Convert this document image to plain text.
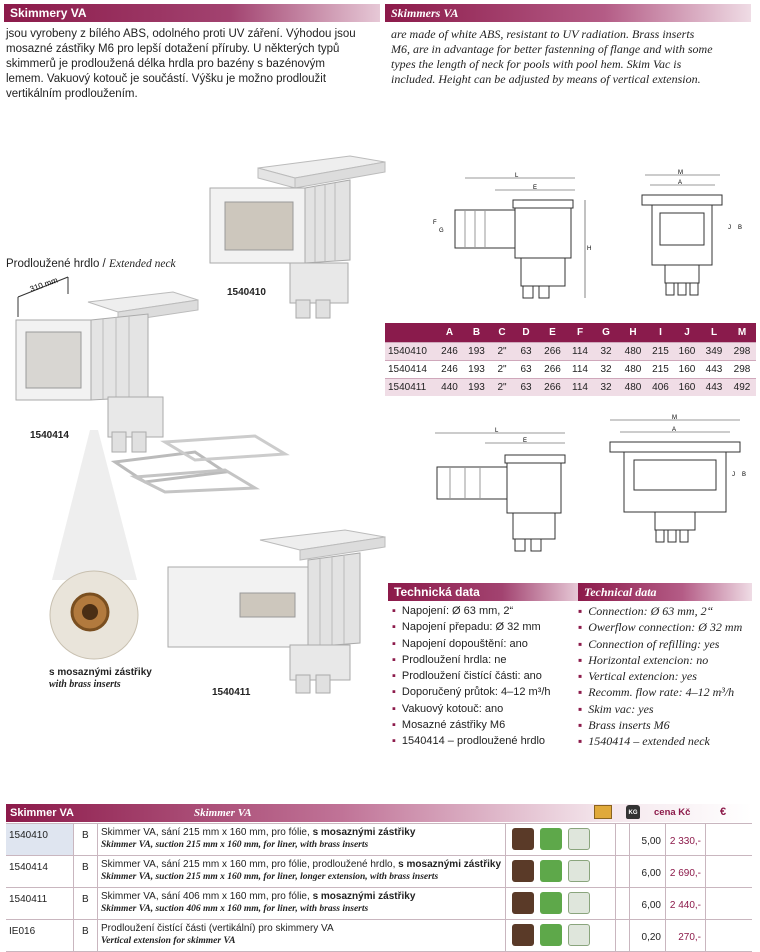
Skimmery VA	Skimmers VA
jsou vyrobeny z bílého ABS, odolného proti UV záření. Výhodou jsou
mosazné zástřiky M6 pro lepší dotažení příruby. U některých typů
skimmerů je prodloužená délka hrdla pro bazény s bazénovým
lemem. Vakuový kotouč je součástí. Výšku je možno prodloužit
vertikálním prodloužením.
are made of white ABS, resistant to UV radiation. Brass inserts
M6, are in advantage for better fastenning of flange and with some
types the length of neck for pools with pool hem. Skim Vac is
included. Height can be adjusted by means of vertical extension.
1540410
Prodloužené hrdlo / Extended neck
310 mm
1540414
s mosaznými zástřiky
with brass inserts
1540411
L
E
H
F
G
M
A
J B
L
E
M
A
J B
	A	B	C	D	E	F	G	H	I	J	L	M
1540410	246	193	2"	63	266	114	32	480	215	160	349	298
1540414	246	193	2"	63	266	114	32	480	215	160	443	298
1540411	440	193	2"	63	266	114	32	480	406	160	443	492
Technická data	Technical data
▪ Napojení: Ø 63 mm, 2“
▪ Napojení přepadu: Ø 32 mm
▪ Napojení dopouštění: ano
▪ Prodloužení hrdla: ne
▪ Prodloužení čistící části: ano
▪ Doporučený průtok: 4–12 m³/h
▪ Vakuový kotouč: ano
▪ Mosazné zástřiky M6
▪ 1540414 – prodloužené hrdlo
▪ Connection: Ø 63 mm, 2“
▪ Owerflow connection: Ø 32 mm
▪ Connection of refilling: yes
▪ Horizontal extencion: no
▪ Vertical extencion: yes
▪ Recomm. flow rate: 4–12 m³/h
▪ Skim vac: yes
▪ Brass inserts M6
▪ 1540414 – extended neck
Skimmer VA	Skimmer VA	KG cena Kč	€
1540410	B	Skimmer VA, sání 215 mm x 160 mm, pro fólie, s mosaznými zástřiky
Skimmer VA, suction 215 mm x 160 mm, for liner, with brass inserts	5,00 2 330,-
1540414	B	Skimmer VA, sání 215 mm x 160 mm, pro fólie, prodloužené hrdlo, s mosaznými zástřiky
Skimmer VA, suction 215 mm x 160 mm, for liner, longer extension, with brass inserts	6,00 2 690,-
1540411	B	Skimmer VA, sání 406 mm x 160 mm, pro fólie, s mosaznými zástřiky
Skimmer VA, suction 406 mm x 160 mm, for liner, with brass inserts	6,00 2 440,-
IE016	B	Prodloužení čistící části (vertikální) pro skimmery VA
Vertical extension for skimmer VA	0,20	270,-
